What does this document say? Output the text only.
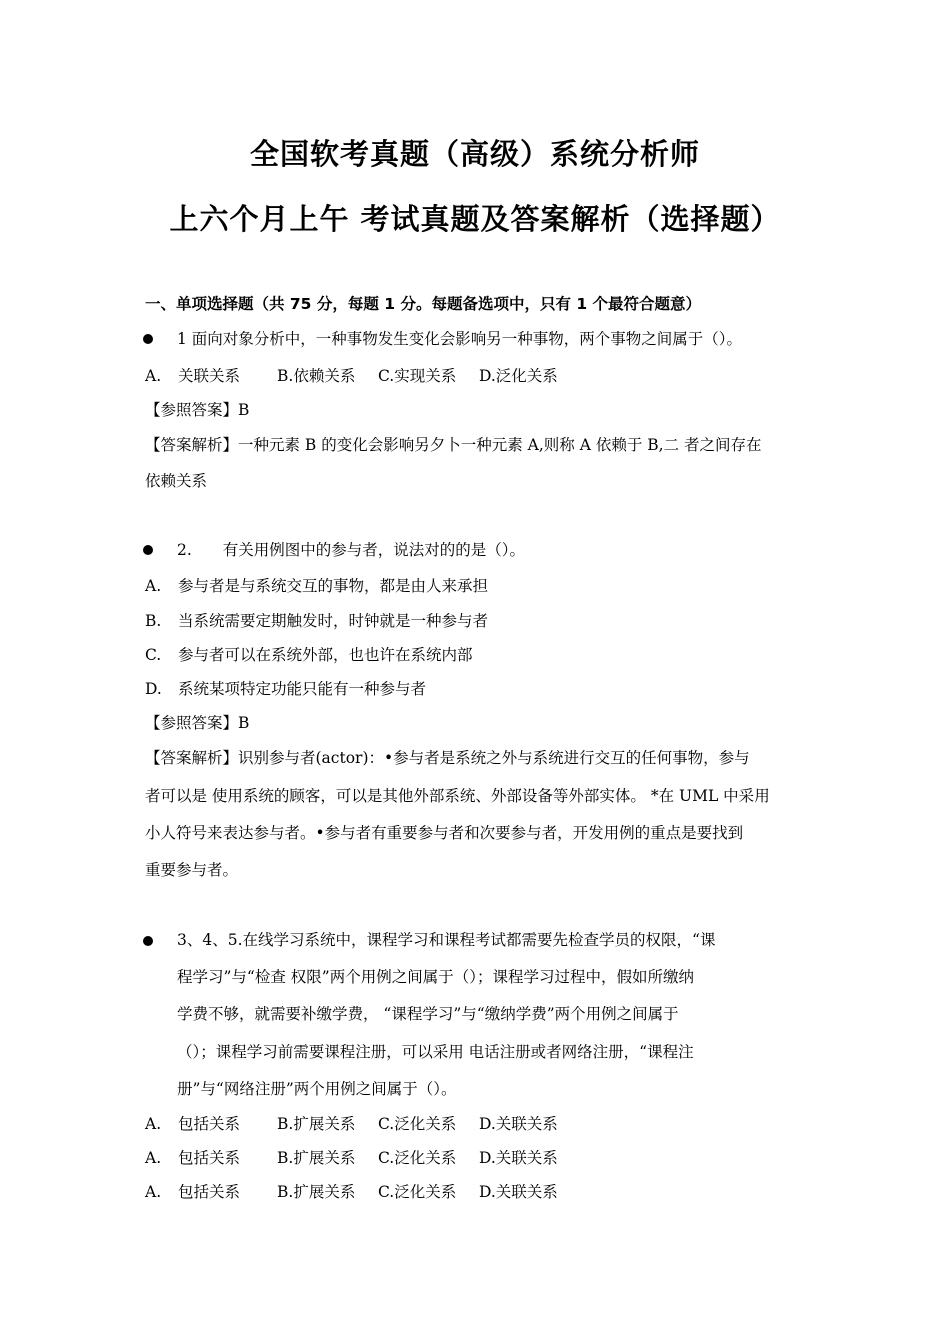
全国软考真题（高级）系统分析师
上六个月上午 考试真题及答案解析（选择题）
一、单项选择题（共 75 分，每题 1 分。每题备选项中，只有 1 个最符合题意）
1 面向对象分析中，一种事物发生变化会影响另一种事物，两个事物之间属于（）。
A. 关联关系 B.依赖关系 C.实现关系 D.泛化关系
【参照答案】B
【答案解析】一种元素 B 的变化会影响另夕卜一种元素 A,则称 A 依赖于 B,二 者之间存在
依赖关系
2.　　有关用例图中的参与者，说法对的的是（）。
A. 参与者是与系统交互的事物，都是由人来承担
B. 当系统需要定期触发时，时钟就是一种参与者
C. 参与者可以在系统外部，也也许在系统内部
D. 系统某项特定功能只能有一种参与者
【参照答案】B
【答案解析】识别参与者(actor)：•参与者是系统之外与系统进行交互的任何事物，参与
者可以是 使用系统的顾客，可以是其他外部系统、外部设备等外部实体。 *在 UML 中采用
小人符号来表达参与者。•参与者有重要参与者和次要参与者，开发用例的重点是要找到
重要参与者。
3、4、5.在线学习系统中，课程学习和课程考试都需要先检查学员的权限，“课
程学习”与“检查 权限”两个用例之间属于（）；课程学习过程中，假如所缴纳
学费不够，就需要补缴学费， “课程学习”与“缴纳学费”两个用例之间属于
（）；课程学习前需要课程注册，可以采用 电话注册或者网络注册，“课程注
册”与“网络注册”两个用例之间属于（）。
A. 包括关系 B.扩展关系 C.泛化关系 D.关联关系
A. 包括关系 B.扩展关系 C.泛化关系 D.关联关系
A. 包括关系 B.扩展关系 C.泛化关系 D.关联关系
